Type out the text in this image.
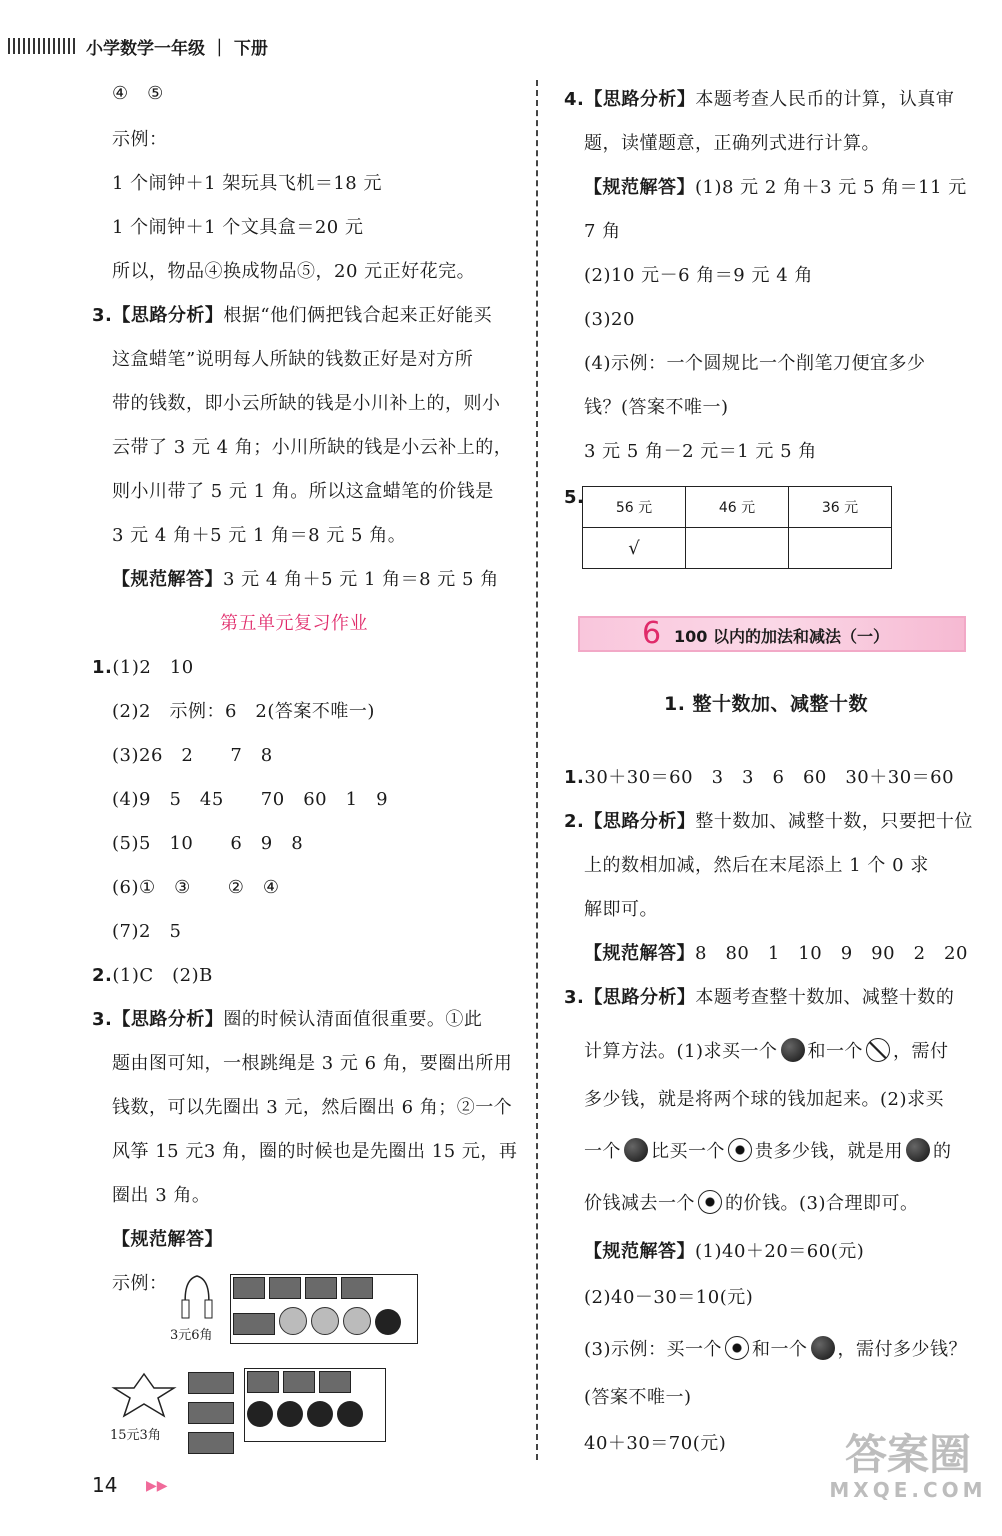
小学数学一年级 ｜ 下册
④　⑤
示例：
1 个闹钟＋1 架玩具飞机＝18 元
1 个闹钟＋1 个文具盒＝20 元
所以，物品④换成物品⑤，20 元正好花完。
3.【思路分析】根据“他们俩把钱合起来正好能买
这盒蜡笔”说明每人所缺的钱数正好是对方所
带的钱数，即小云所缺的钱是小川补上的，则小
云带了 3 元 4 角；小川所缺的钱是小云补上的，
则小川带了 5 元 1 角。所以这盒蜡笔的价钱是
3 元 4 角＋5 元 1 角＝8 元 5 角。
【规范解答】3 元 4 角＋5 元 1 角＝8 元 5 角
第五单元复习作业
1.(1)2　10
(2)2　示例：6　2(答案不唯一)
(3)26　2　　7　8
(4)9　5　45　　70　60　1　9
(5)5　10　　6　9　8
(6)①　③　　②　④
(7)2　5
2.(1)C　(2)B
3.【思路分析】圈的时候认清面值很重要。①此
题由图可知，一根跳绳是 3 元 6 角，要圈出所用
钱数，可以先圈出 3 元，然后圈出 6 角；②一个
风筝 15 元3 角，圈的时候也是先圈出 15 元，再
圈出 3 角。
【规范解答】
示例：
3元6角

15元3角

4.【思路分析】本题考查人民币的计算，认真审
题，读懂题意，正确列式进行计算。
【规范解答】(1)8 元 2 角＋3 元 5 角＝11 元
7 角
(2)10 元－6 角＝9 元 4 角
(3)20
(4)示例：一个圆规比一个削笔刀便宜多少
钱？(答案不唯一)
3 元 5 角－2 元＝1 元 5 角
5. 56 元	46 元	36 元
√		
6 100 以内的加法和减法（一）
1. 整十数加、减整十数
1.30＋30＝60　3　3　6　60　30＋30＝60
2.【思路分析】整十数加、减整十数，只要把十位
上的数相加减，然后在末尾添上 1 个 0 求
解即可。
【规范解答】8　80　1　10　9　90　2　20
3.【思路分析】本题考查整十数加、减整十数的
计算方法。(1)求买一个 和一个 ，需付
多少钱，就是将两个球的钱加起来。(2)求买
一个 比买一个 贵多少钱，就是用 的
价钱减去一个 的价钱。(3)合理即可。
【规范解答】(1)40＋20＝60(元)
(2)40－30＝10(元)
(3)示例：买一个 和一个 ，需付多少钱？
(答案不唯一)
40＋30＝70(元)
14 ▶▶
答案圈
MXQE.COM
